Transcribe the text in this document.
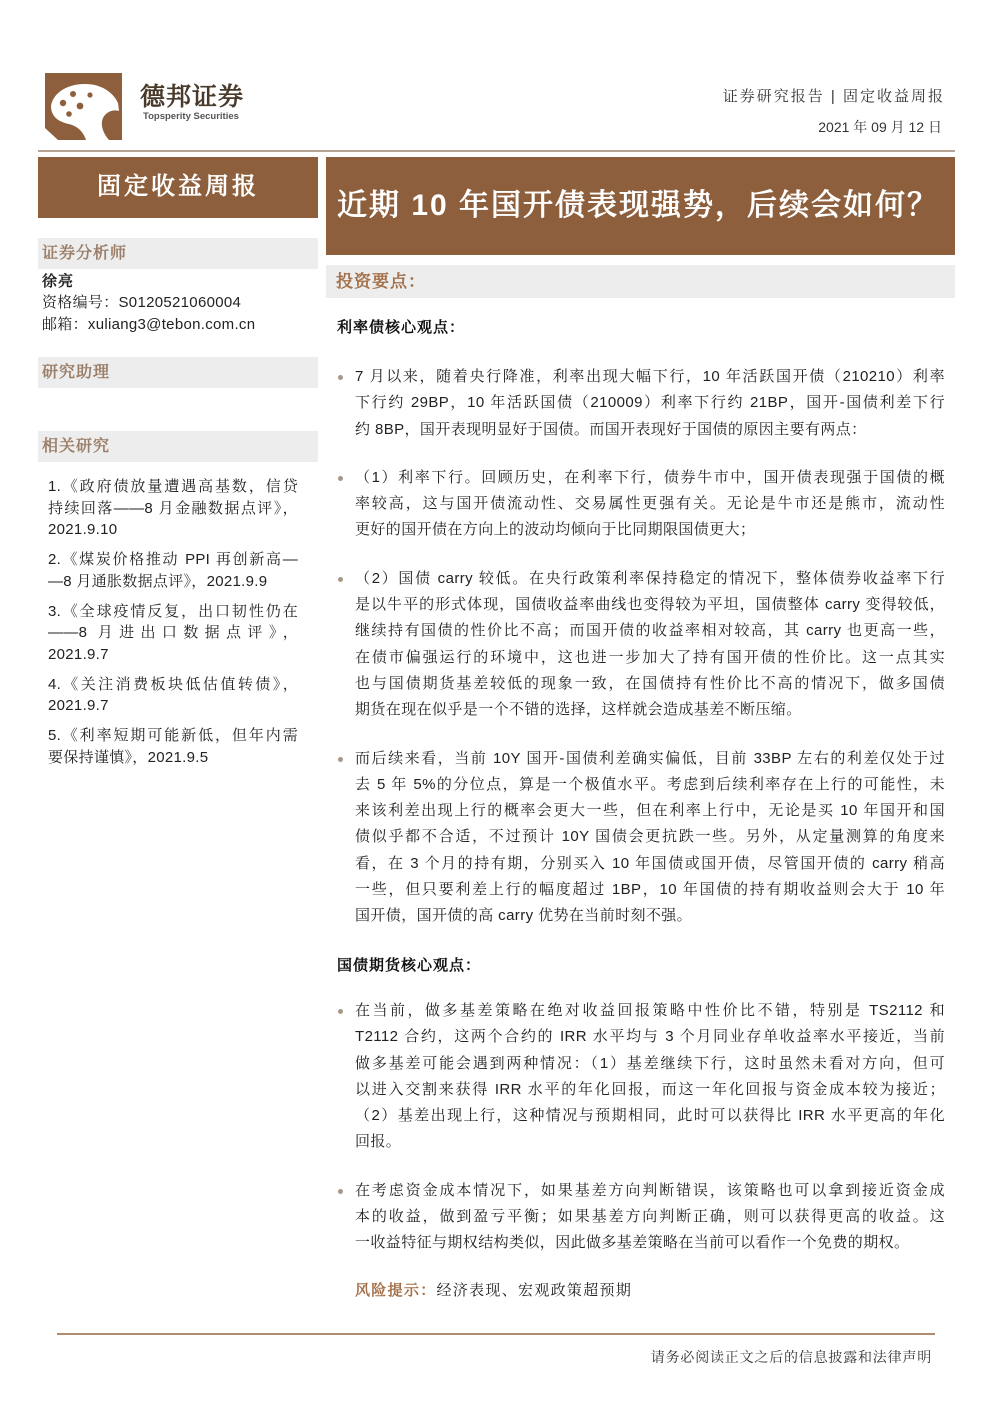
德邦证券
Topsperity Securities
证券研究报告 | 固定收益周报
2021 年 09 月 12 日
固定收益周报
近期 10 年国开债表现强势，后续会如何？
证券分析师
徐亮
资格编号：S0120521060004
邮箱：xuliang3@tebon.com.cn
研究助理
相关研究
1.《政府债放量遭遇高基数，信贷
持续回落——8 月金融数据点评》，
2021.9.10
2.《煤炭价格推动 PPI 再创新高—
—8 月通胀数据点评》，2021.9.9
3.《全球疫情反复，出口韧性仍在
——8 月进出口数据点评》，
2021.9.7
4.《关注消费板块低估值转债》，
2021.9.7
5.《利率短期可能新低，但年内需
要保持谨慎》，2021.9.5
投资要点：
利率债核心观点：
7 月以来，随着央行降准，利率出现大幅下行，10 年活跃国开债（210210）利率
下行约 29BP，10 年活跃国债（210009）利率下行约 21BP，国开-国债利差下行
约 8BP，国开表现明显好于国债。而国开表现好于国债的原因主要有两点：
（1）利率下行。回顾历史，在利率下行，债券牛市中，国开债表现强于国债的概
率较高，这与国开债流动性、交易属性更强有关。无论是牛市还是熊市，流动性
更好的国开债在方向上的波动均倾向于比同期限国债更大；
（2）国债 carry 较低。在央行政策利率保持稳定的情况下，整体债券收益率下行
是以牛平的形式体现，国债收益率曲线也变得较为平坦，国债整体 carry 变得较低，
继续持有国债的性价比不高；而国开债的收益率相对较高，其 carry 也更高一些，
在债市偏强运行的环境中，这也进一步加大了持有国开债的性价比。这一点其实
也与国债期货基差较低的现象一致，在国债持有性价比不高的情况下，做多国债
期货在现在似乎是一个不错的选择，这样就会造成基差不断压缩。
而后续来看，当前 10Y 国开-国债利差确实偏低，目前 33BP 左右的利差仅处于过
去 5 年 5%的分位点，算是一个极值水平。考虑到后续利率存在上行的可能性，未
来该利差出现上行的概率会更大一些，但在利率上行中，无论是买 10 年国开和国
债似乎都不合适，不过预计 10Y 国债会更抗跌一些。另外，从定量测算的角度来
看，在 3 个月的持有期，分别买入 10 年国债或国开债，尽管国开债的 carry 稍高
一些，但只要利差上行的幅度超过 1BP，10 年国债的持有期收益则会大于 10 年
国开债，国开债的高 carry 优势在当前时刻不强。
国债期货核心观点：
在当前，做多基差策略在绝对收益回报策略中性价比不错，特别是 TS2112 和
T2112 合约，这两个合约的 IRR 水平均与 3 个月同业存单收益率水平接近，当前
做多基差可能会遇到两种情况：（1）基差继续下行，这时虽然未看对方向，但可
以进入交割来获得 IRR 水平的年化回报，而这一年化回报与资金成本较为接近；
（2）基差出现上行，这种情况与预期相同，此时可以获得比 IRR 水平更高的年化
回报。
在考虑资金成本情况下，如果基差方向判断错误，该策略也可以拿到接近资金成
本的收益，做到盈亏平衡；如果基差方向判断正确，则可以获得更高的收益。这
一收益特征与期权结构类似，因此做多基差策略在当前可以看作一个免费的期权。
风险提示：经济表现、宏观政策超预期
请务必阅读正文之后的信息披露和法律声明
